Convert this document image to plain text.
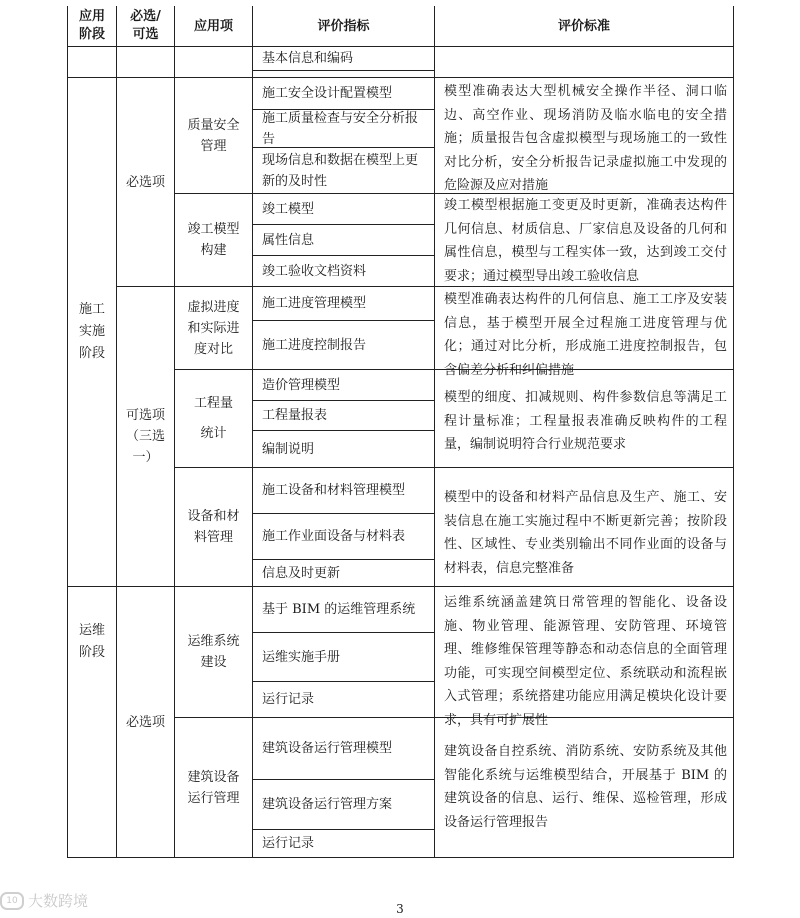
应用
阶段
必选/
可选
应用项	评价指标	评价标准
基本信息和编码
施工
实施
阶段
运维
阶段
必选项
可选项
（三选
一）
必选项
质量安全
管理
施工安全设计配置模型
施工质量检查与安全分析报告
现场信息和数据在模型上更新的及时性
模型准确表达大型机械安全操作半径、洞口临边、高空作业、现场消防及临水临电的安全措施；质量报告包含虚拟模型与现场施工的一致性对比分析，安全分析报告记录虚拟施工中发现的危险源及应对措施
竣工模型
构建
竣工模型
属性信息
竣工验收文档资料
竣工模型根据施工变更及时更新，准确表达构件几何信息、材质信息、厂家信息及设备的几何和属性信息，模型与工程实体一致，达到竣工交付要求；通过模型导出竣工验收信息
虚拟进度
和实际进
度对比
施工进度管理模型
施工进度控制报告
模型准确表达构件的几何信息、施工工序及安装信息，基于模型开展全过程施工进度管理与优化；通过对比分析，形成施工进度控制报告，包含偏差分析和纠偏措施
工程量
统计
造价管理模型
工程量报表
编制说明
模型的细度、扣减规则、构件参数信息等满足工程计量标准；工程量报表准确反映构件的工程量，编制说明符合行业规范要求
设备和材
料管理
施工设备和材料管理模型
施工作业面设备与材料表
信息及时更新
模型中的设备和材料产品信息及生产、施工、安装信息在施工实施过程中不断更新完善；按阶段性、区域性、专业类别输出不同作业面的设备与材料表，信息完整准备
运维系统
建设
基于 BIM 的运维管理系统
运维实施手册
运行记录
运维系统涵盖建筑日常管理的智能化、设备设施、物业管理、能源管理、安防管理、环境管理、维修维保管理等静态和动态信息的全面管理功能，可实现空间模型定位、系统联动和流程嵌入式管理；系统搭建功能应用满足模块化设计要求，具有可扩展性
建筑设备
运行管理
建筑设备运行管理模型
建筑设备运行管理方案
运行记录
建筑设备自控系统、消防系统、安防系统及其他智能化系统与运维模型结合，开展基于 BIM 的建筑设备的信息、运行、维保、巡检管理，形成设备运行管理报告
3
10 大数跨境
